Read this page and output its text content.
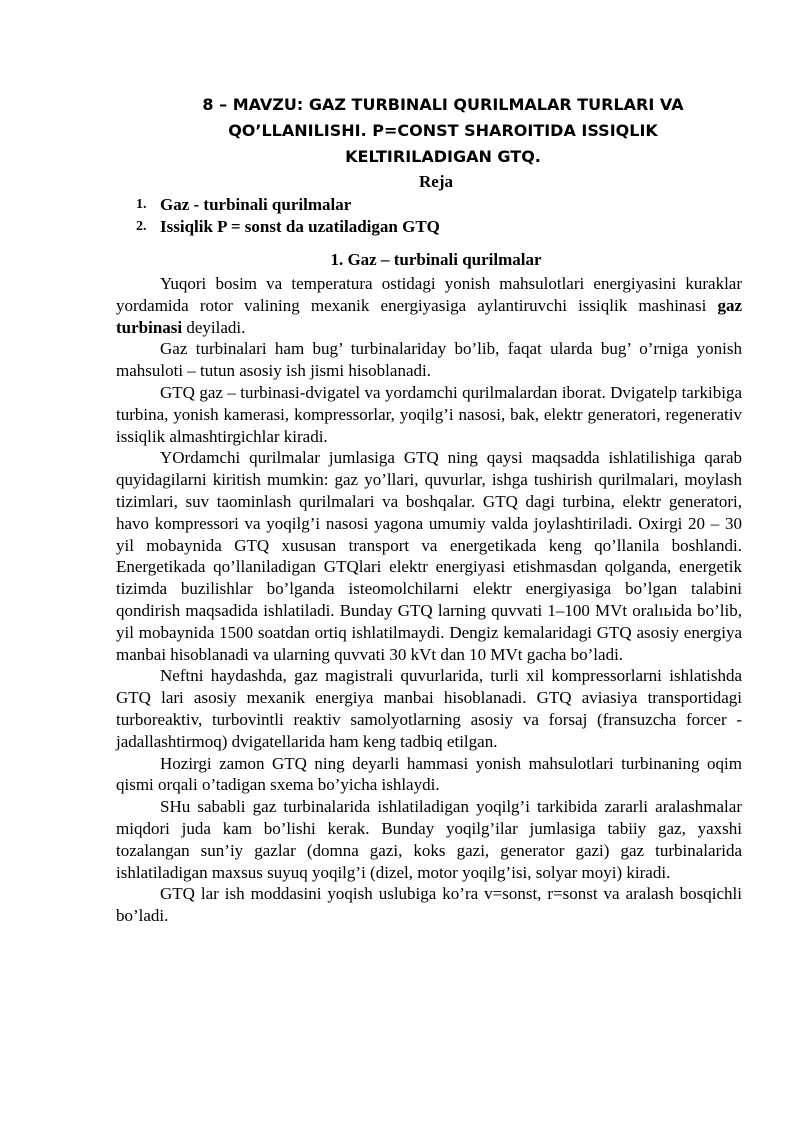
8 – MAVZU: GAZ TURBINALI QURILMALAR TURLARI VA QO’LLANILISHI. P=CONST SHAROITIDA ISSIQLIK KELTIRILADIGAN GTQ.
Reja
1. Gaz - turbinali qurilmalar
2. Issiqlik P = sonst da uzatiladigan GTQ
1. Gaz – turbinali qurilmalar

Yuqori bosim va temperatura ostidagi yonish mahsulotlari energiyasini kuraklar yordamida rotor valining mexanik energiyasiga aylantiruvchi issiqlik mashinasi gaz turbinasi deyiladi.

Gaz turbinalari ham bug’ turbinalariday bo’lib, faqat ularda bug’ o’rniga yonish mahsuloti – tutun asosiy ish jismi hisoblanadi.

GTQ gaz – turbinasi-dvigatel va yordamchi qurilmalardan iborat. Dvigatelp tarkibiga turbina, yonish kamerasi, kompressorlar, yoqilg’i nasosi, bak, elektr generatori, regenerativ issiqlik almashtirgichlar kiradi.

YOrdamchi qurilmalar jumlasiga GTQ ning qaysi maqsadda ishlatilishiga qarab quyidagilarni kiritish mumkin: gaz yo’llari, quvurlar, ishga tushirish qurilmalari, moylash tizimlari, suv taominlash qurilmalari va boshqalar. GTQ dagi turbina, elektr generatori, havo kompressori va yoqilg’i nasosi yagona umumiy valda joylashtiriladi. Oxirgi 20 – 30 yil mobaynida GTQ xususan transport va energetikada keng qo’llanila boshlandi. Energetikada qo’llaniladigan GTQlari elektr energiyasi etishmasdan qolganda, energetik tizimda buzilishlar bo’lganda isteomolchilarni elektr energiyasiga bo’lgan talabini qondirish maqsadida ishlatiladi. Bunday GTQ larning quvvati 1–100 MVt oralıьida bo’lib, yil mobaynida 1500 soatdan ortiq ishlatilmaydi. Dengiz kemalaridagi GTQ asosiy energiya manbai hisoblanadi va ularning quvvati 30 kVt dan 10 MVt gacha bo’ladi.

Neftni haydashda, gaz magistrali quvurlarida, turli xil kompressorlarni ishlatishda GTQ lari asosiy mexanik energiya manbai hisoblanadi. GTQ aviasiya transportidagi turboreaktiv, turbovintli reaktiv samolyotlarning asosiy va forsaj (fransuzcha forcer - jadallashtirmoq) dvigatellarida ham keng tadbiq etilgan.

Hozirgi zamon GTQ ning deyarli hammasi yonish mahsulotlari turbinaning oqim qismi orqali o’tadigan sxema bo’yicha ishlaydi.

SHu sababli gaz turbinalarida ishlatiladigan yoqilg’i tarkibida zararli aralashmalar miqdori juda kam bo’lishi kerak. Bunday yoqilg’ilar jumlasiga tabiiy gaz, yaxshi tozalangan sun’iy gazlar (domna gazi, koks gazi, generator gazi) gaz turbinalarida ishlatiladigan maxsus suyuq yoqilg’i (dizel, motor yoqilg’isi, solyar moyi) kiradi.

GTQ lar ish moddasini yoqish uslubiga ko’ra v=sonst, r=sonst va aralash bosqichli bo’ladi.
